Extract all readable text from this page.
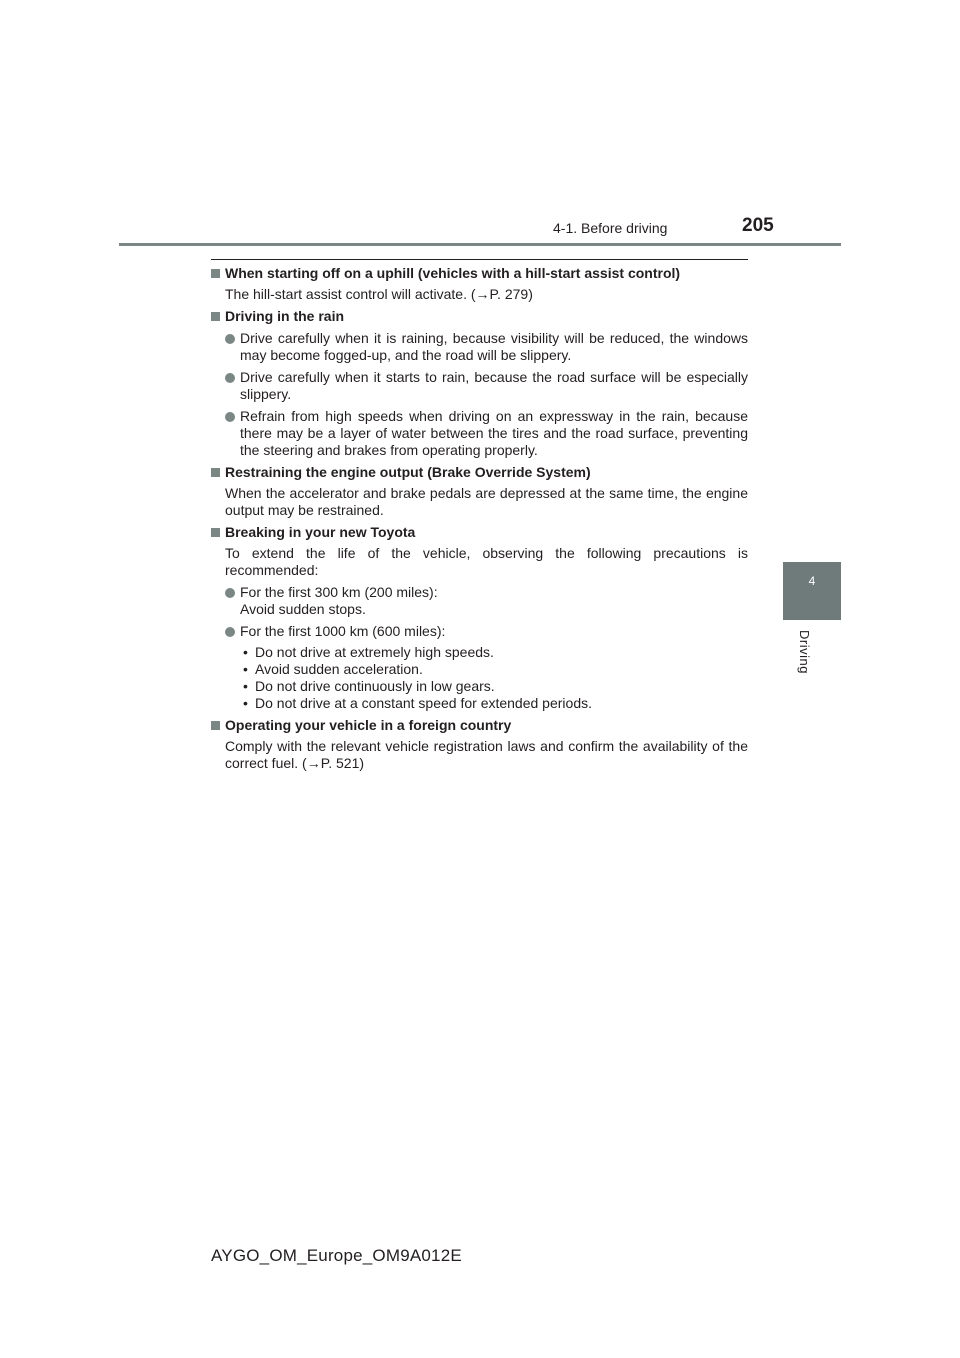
4-1. Before driving	205
4
Driving
When starting off on a uphill (vehicles with a hill-start assist control)
The hill-start assist control will activate. (→P. 279)
Driving in the rain
Drive carefully when it is raining, because visibility will be reduced, the windows may become fogged-up, and the road will be slippery.
Drive carefully when it starts to rain, because the road surface will be especially slippery.
Refrain from high speeds when driving on an expressway in the rain, because there may be a layer of water between the tires and the road surface, preventing the steering and brakes from operating properly.
Restraining the engine output (Brake Override System)
When the accelerator and brake pedals are depressed at the same time, the engine output may be restrained.
Breaking in your new Toyota
To extend the life of the vehicle, observing the following precautions is recommended:
For the first 300 km (200 miles):
Avoid sudden stops.
For the first 1000 km (600 miles):
• Do not drive at extremely high speeds.
• Avoid sudden acceleration.
• Do not drive continuously in low gears.
• Do not drive at a constant speed for extended periods.
Operating your vehicle in a foreign country
Comply with the relevant vehicle registration laws and confirm the availability of the correct fuel. (→P. 521)
AYGO_OM_Europe_OM9A012E
